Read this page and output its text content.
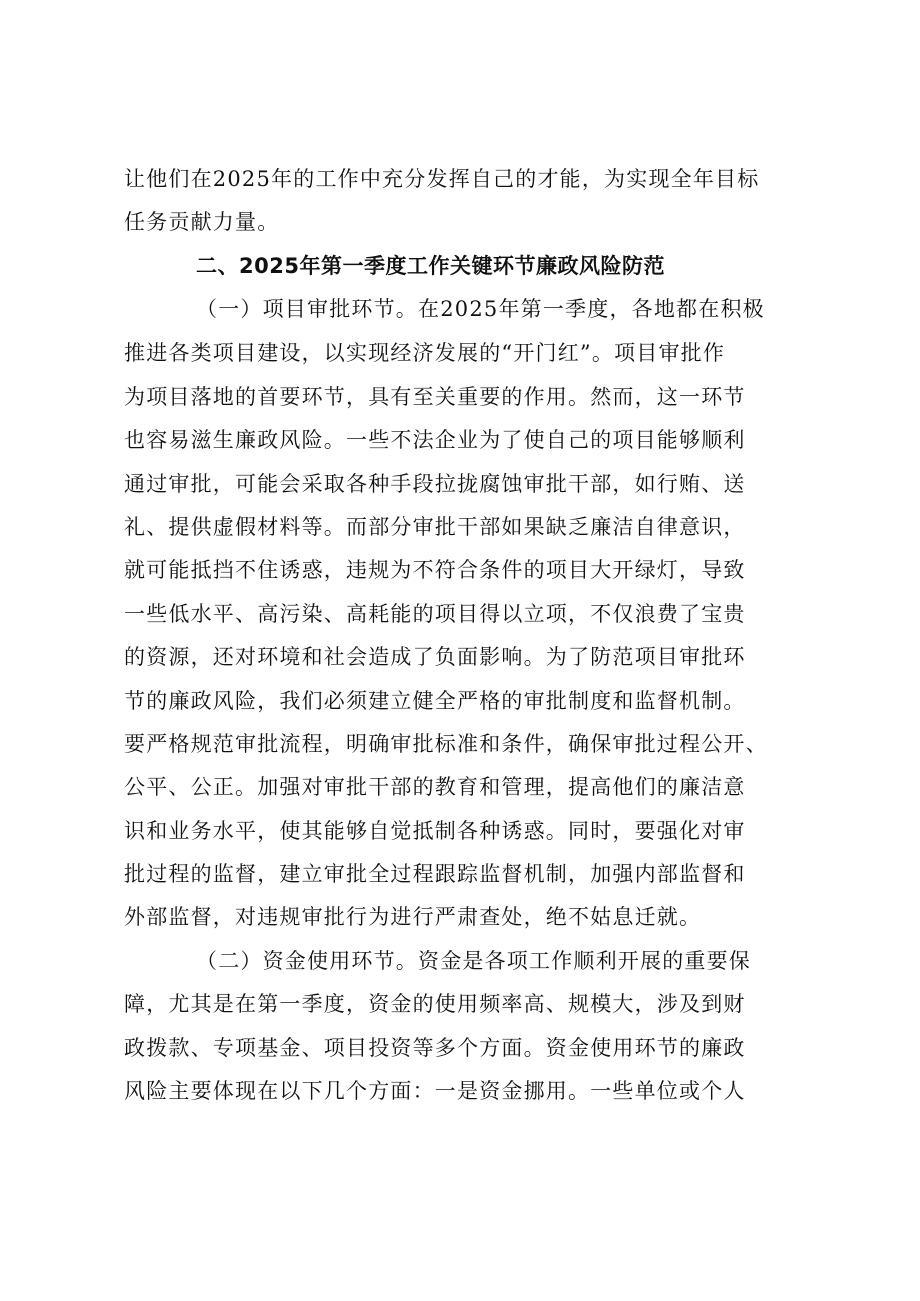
让他们在2025年的工作中充分发挥自己的才能，为实现全年目标
任务贡献力量。
二、2025年第一季度工作关键环节廉政风险防范
（一）项目审批环节。在2025年第一季度，各地都在积极
推进各类项目建设，以实现经济发展的“开门红”。项目审批作
为项目落地的首要环节，具有至关重要的作用。然而，这一环节
也容易滋生廉政风险。一些不法企业为了使自己的项目能够顺利
通过审批，可能会采取各种手段拉拢腐蚀审批干部，如行贿、送
礼、提供虚假材料等。而部分审批干部如果缺乏廉洁自律意识，
就可能抵挡不住诱惑，违规为不符合条件的项目大开绿灯，导致
一些低水平、高污染、高耗能的项目得以立项，不仅浪费了宝贵
的资源，还对环境和社会造成了负面影响。为了防范项目审批环
节的廉政风险，我们必须建立健全严格的审批制度和监督机制。
要严格规范审批流程，明确审批标准和条件，确保审批过程公开、
公平、公正。加强对审批干部的教育和管理，提高他们的廉洁意
识和业务水平，使其能够自觉抵制各种诱惑。同时，要强化对审
批过程的监督，建立审批全过程跟踪监督机制，加强内部监督和
外部监督，对违规审批行为进行严肃查处，绝不姑息迁就。
（二）资金使用环节。资金是各项工作顺利开展的重要保
障，尤其是在第一季度，资金的使用频率高、规模大，涉及到财
政拨款、专项基金、项目投资等多个方面。资金使用环节的廉政
风险主要体现在以下几个方面：一是资金挪用。一些单位或个人
